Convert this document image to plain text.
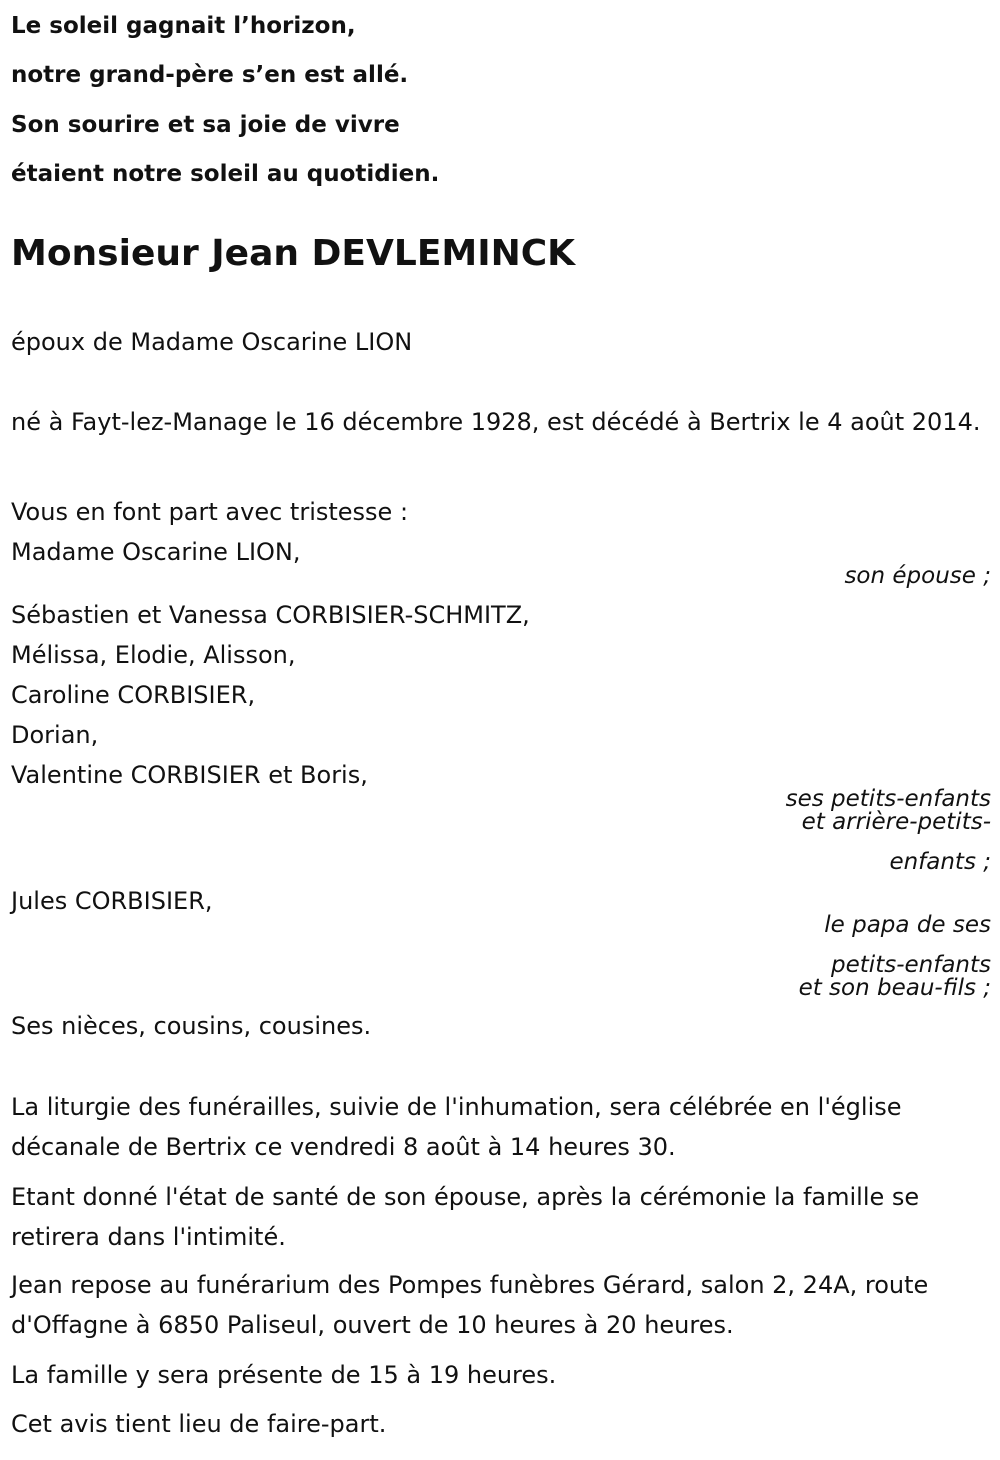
Le soleil gagnait l’horizon,
notre grand-père s’en est allé.
Son sourire et sa joie de vivre
étaient notre soleil au quotidien.
Monsieur Jean DEVLEMINCK
époux de Madame Oscarine LION
né à Fayt-lez-Manage le 16 décembre 1928, est décédé à Bertrix le 4 août 2014.
Vous en font part avec tristesse :
Madame Oscarine LION,
son épouse ;
Sébastien et Vanessa CORBISIER-SCHMITZ,
Mélissa, Elodie, Alisson,
Caroline CORBISIER,
Dorian,
Valentine CORBISIER et Boris,
ses petits-enfants
et arrière-petits-
enfants ;
Jules CORBISIER,
le papa de ses
petits-enfants
et son beau-fils ;
Ses nièces, cousins, cousines.
La liturgie des funérailles, suivie de l'inhumation, sera célébrée en l'église décanale de Bertrix ce vendredi 8 août à 14 heures 30.
Etant donné l'état de santé de son épouse, après la cérémonie la famille se retirera dans l'intimité.
Jean repose au funérarium des Pompes funèbres Gérard, salon 2, 24A, route d'Offagne à 6850 Paliseul, ouvert de 10 heures à 20 heures.
La famille y sera présente de 15 à 19 heures.
Cet avis tient lieu de faire-part.
